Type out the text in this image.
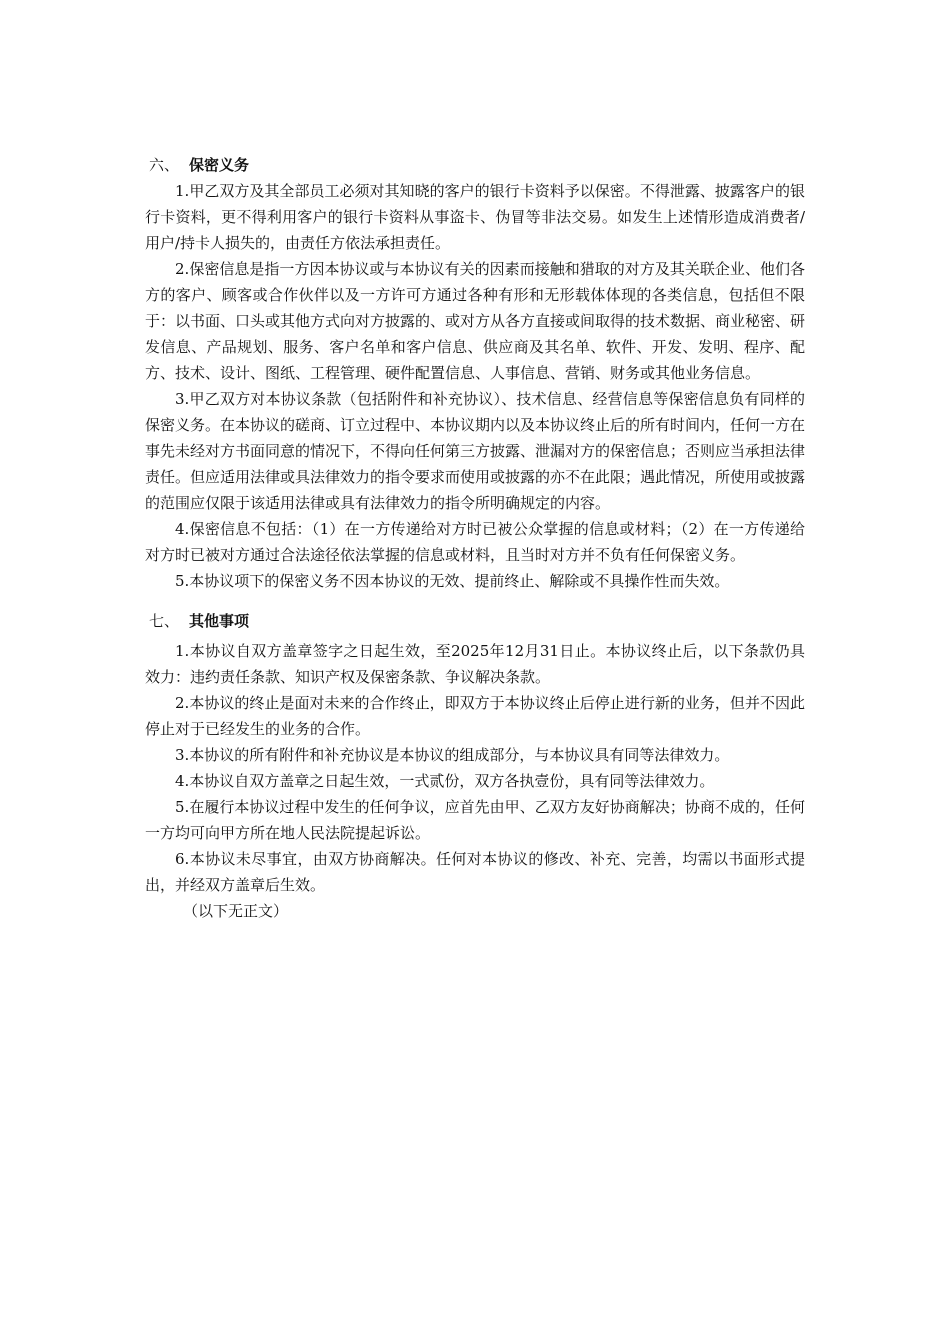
六、 保密义务

1.甲乙双方及其全部员工必须对其知晓的客户的银行卡资料予以保密。不得泄露、披露客户的银行卡资料，更不得利用客户的银行卡资料从事盗卡、伪冒等非法交易。如发生上述情形造成消费者/用户/持卡人损失的，由责任方依法承担责任。

2.保密信息是指一方因本协议或与本协议有关的因素而接触和猎取的对方及其关联企业、他们各方的客户、顾客或合作伙伴以及一方许可方通过各种有形和无形载体体现的各类信息，包括但不限于：以书面、口头或其他方式向对方披露的、或对方从各方直接或间取得的技术数据、商业秘密、研发信息、产品规划、服务、客户名单和客户信息、供应商及其名单、软件、开发、发明、程序、配方、技术、设计、图纸、工程管理、硬件配置信息、人事信息、营销、财务或其他业务信息。

3.甲乙双方对本协议条款（包括附件和补充协议）、技术信息、经营信息等保密信息负有同样的保密义务。在本协议的磋商、订立过程中、本协议期内以及本协议终止后的所有时间内，任何一方在事先未经对方书面同意的情况下，不得向任何第三方披露、泄漏对方的保密信息；否则应当承担法律责任。但应适用法律或具法律效力的指令要求而使用或披露的亦不在此限；遇此情况，所使用或披露的范围应仅限于该适用法律或具有法律效力的指令所明确规定的内容。

4.保密信息不包括：（1）在一方传递给对方时已被公众掌握的信息或材料；（2）在一方传递给对方时已被对方通过合法途径依法掌握的信息或材料，且当时对方并不负有任何保密义务。

5.本协议项下的保密义务不因本协议的无效、提前终止、解除或不具操作性而失效。

七、 其他事项

1.本协议自双方盖章签字之日起生效，至2025年12月31日止。本协议终止后，以下条款仍具效力：违约责任条款、知识产权及保密条款、争议解决条款。

2.本协议的终止是面对未来的合作终止，即双方于本协议终止后停止进行新的业务，但并不因此停止对于已经发生的业务的合作。

3.本协议的所有附件和补充协议是本协议的组成部分，与本协议具有同等法律效力。

4.本协议自双方盖章之日起生效，一式贰份，双方各执壹份，具有同等法律效力。

5.在履行本协议过程中发生的任何争议，应首先由甲、乙双方友好协商解决；协商不成的，任何一方均可向甲方所在地人民法院提起诉讼。

6.本协议未尽事宜，由双方协商解决。任何对本协议的修改、补充、完善，均需以书面形式提出，并经双方盖章后生效。

（以下无正文）
